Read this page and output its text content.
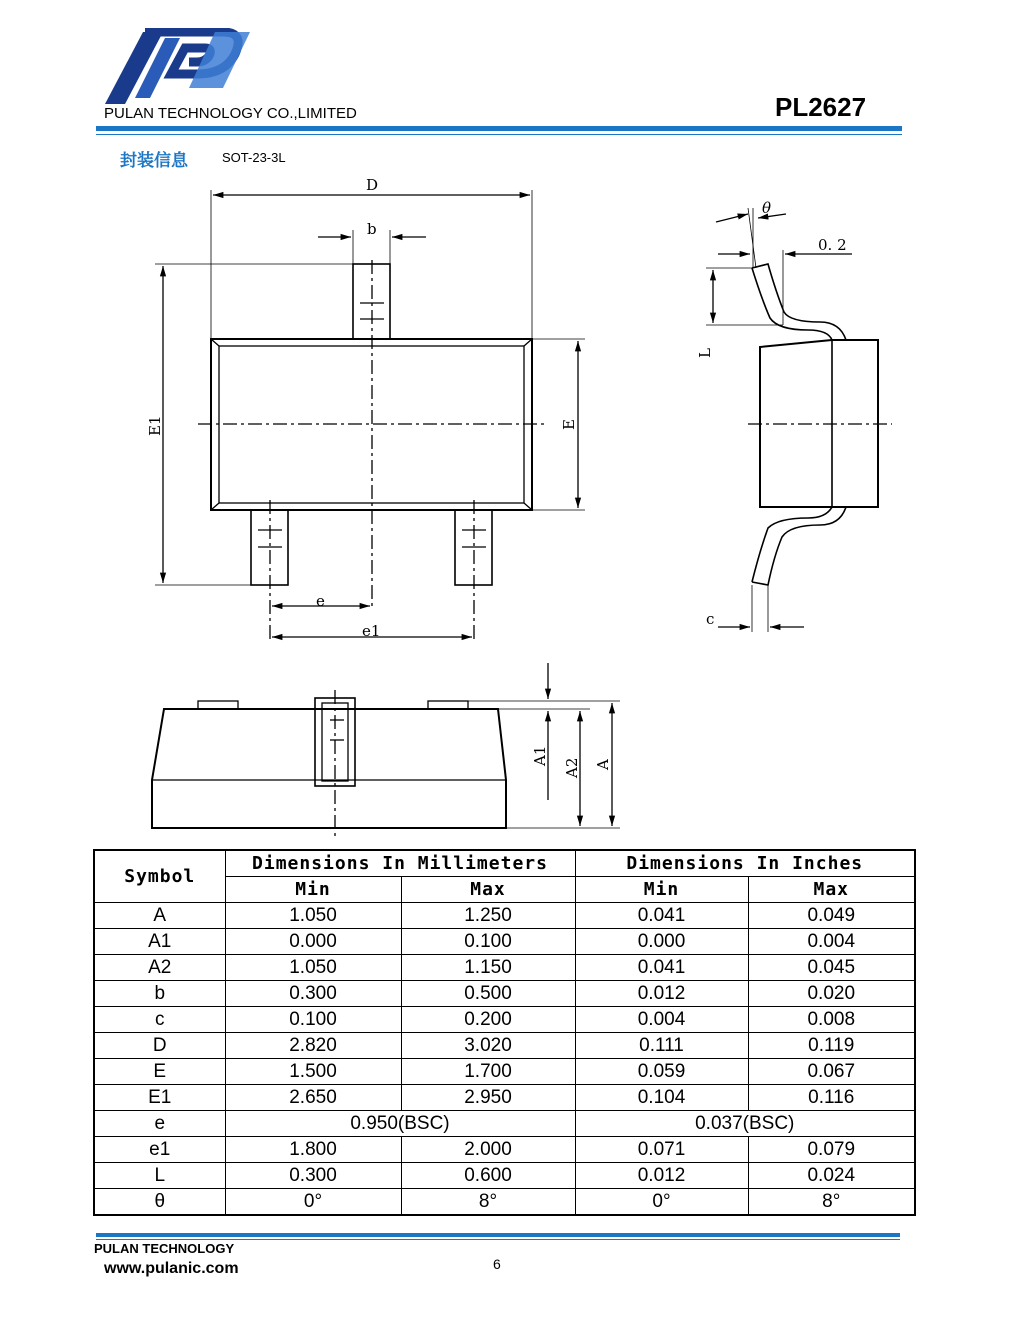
PULAN TECHNOLOGY CO.,LIMITED	PL2627
封装信息	SOT-23-3L
D
b
e
e1
θ
0. 2
c
E1	E
L
A1
A2 A
Symbol	Dimensions In Millimeters		Dimensions In Inches	
	Min	Max	Min	Max
A	1.050	1.250	0.041	0.049
A1	0.000	0.100	0.000	0.004
A2	1.050	1.150	0.041	0.045
b	0.300	0.500	0.012	0.020
c	0.100	0.200	0.004	0.008
D	2.820	3.020	0.111	0.119
E	1.500	1.700	0.059	0.067
E1	2.650	2.950	0.104	0.116
e	0.950(BSC)		0.037(BSC)	
e1	1.800	2.000	0.071	0.079
L	0.300	0.600	0.012	0.024
θ	0°	8°	0°	8°
PULAN TECHNOLOGY
www.pulanic.com	6
